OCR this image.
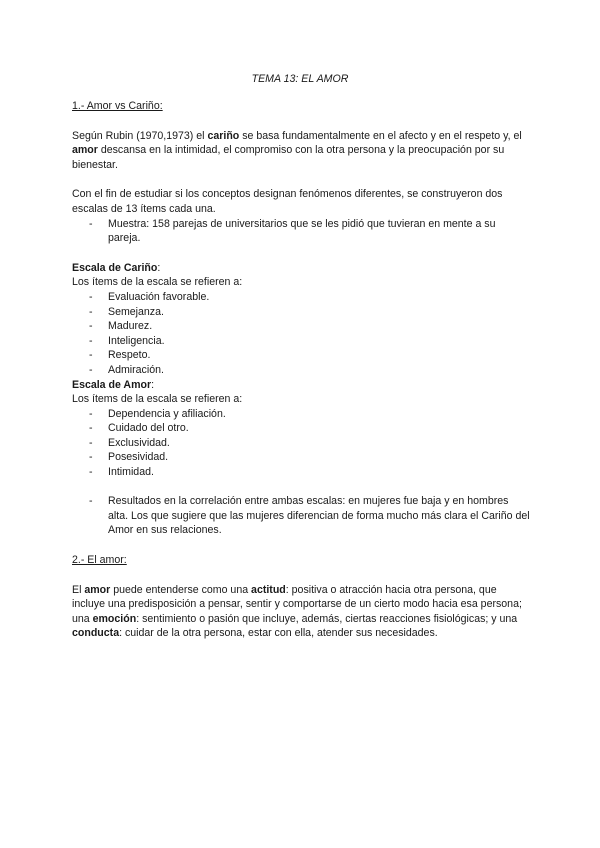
TEMA 13: EL AMOR

1.- Amor vs Cariño:

Según Rubin (1970,1973) el cariño se basa fundamentalmente en el afecto y en el respeto y, el amor descansa en la intimidad, el compromiso con la otra persona y la preocupación por su bienestar.

Con el fin de estudiar si los conceptos designan fenómenos diferentes, se construyeron dos escalas de 13 ítems cada una.

- Muestra: 158 parejas de universitarios que se les pidió que tuvieran en mente a su pareja.

Escala de Cariño:

Los ítems de la escala se refieren a:

- Evaluación favorable.
- Semejanza.
- Madurez.
- Inteligencia.
- Respeto.
- Admiración.

Escala de Amor:

Los ítems de la escala se refieren a:

- Dependencia y afiliación.
- Cuidado del otro.
- Exclusividad.
- Posesividad.
- Intimidad.
- Resultados en la correlación entre ambas escalas: en mujeres fue baja y en hombres alta. Los que sugiere que las mujeres diferencian de forma mucho más clara el Cariño del Amor en sus relaciones.

2.- El amor:

El amor puede entenderse como una actitud: positiva o atracción hacia otra persona, que incluye una predisposición a pensar, sentir y comportarse de un cierto modo hacia esa persona; una emoción: sentimiento o pasión que incluye, además, ciertas reacciones fisiológicas; y una conducta: cuidar de la otra persona, estar con ella, atender sus necesidades.
